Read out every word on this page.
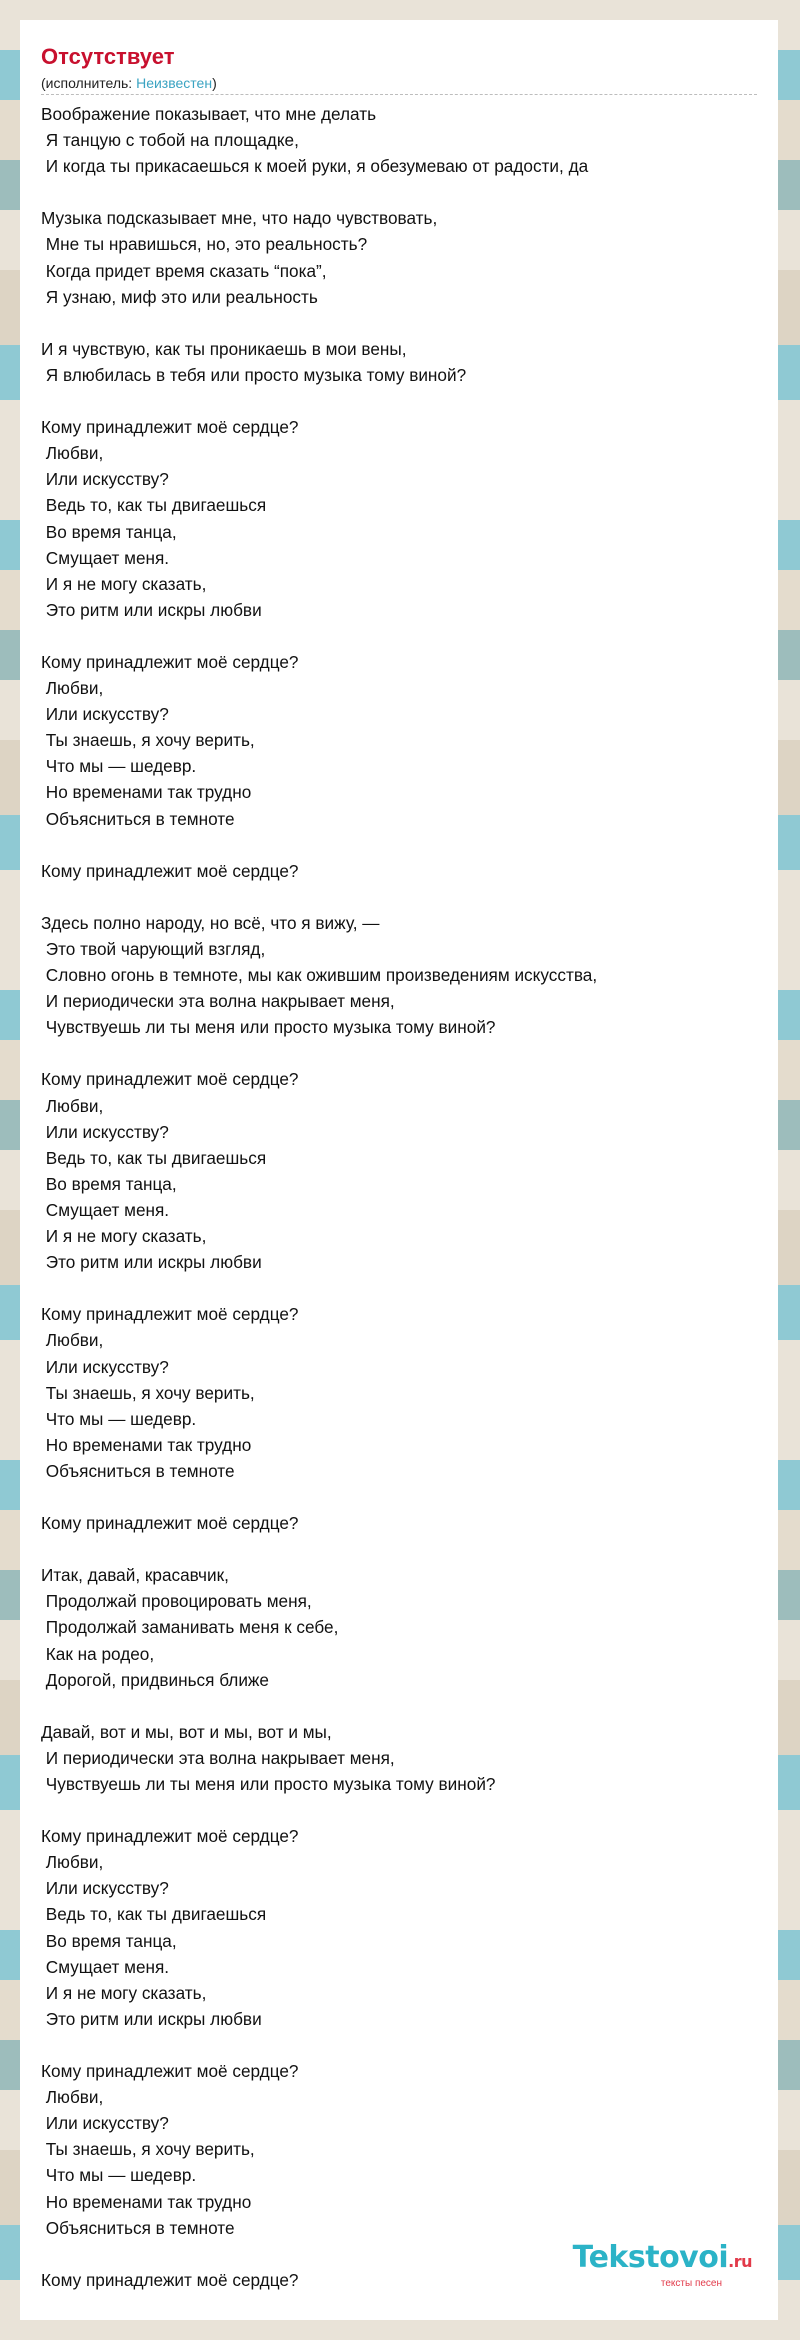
Отсутствует
(исполнитель: Неизвестен)
Воображение показывает, что мне делать
Я танцую с тобой на площадке,
И когда ты прикасаешься к моей руки, я обезумеваю от радости, да
Музыка подсказывает мне, что надо чувствовать,
Мне ты нравишься, но, это реальность?
Когда придет время сказать “пока”,
Я узнаю, миф это или реальность
И я чувствую, как ты проникаешь в мои вены,
Я влюбилась в тебя или просто музыка тому виной?
Кому принадлежит моё сердце?
Любви,
Или искусству?
Ведь то, как ты двигаешься
Во время танца,
Смущает меня.
И я не могу сказать,
Это ритм или искры любви
Кому принадлежит моё сердце?
Любви,
Или искусству?
Ты знаешь, я хочу верить,
Что мы — шедевр.
Но временами так трудно
Объясниться в темноте
Кому принадлежит моё сердце?
Здесь полно народу, но всё, что я вижу, —
Это твой чарующий взгляд,
Словно огонь в темноте, мы как ожившим произведениям искусства,
И периодически эта волна накрывает меня,
Чувствуешь ли ты меня или просто музыка тому виной?
Кому принадлежит моё сердце?
Любви,
Или искусству?
Ведь то, как ты двигаешься
Во время танца,
Смущает меня.
И я не могу сказать,
Это ритм или искры любви
Кому принадлежит моё сердце?
Любви,
Или искусству?
Ты знаешь, я хочу верить,
Что мы — шедевр.
Но временами так трудно
Объясниться в темноте
Кому принадлежит моё сердце?
Итак, давай, красавчик,
Продолжай провоцировать меня,
Продолжай заманивать меня к себе,
Как на родео,
Дорогой, придвинься ближе
Давай, вот и мы, вот и мы, вот и мы,
И периодически эта волна накрывает меня,
Чувствуешь ли ты меня или просто музыка тому виной?
Кому принадлежит моё сердце?
Любви,
Или искусству?
Ведь то, как ты двигаешься
Во время танца,
Смущает меня.
И я не могу сказать,
Это ритм или искры любви
Кому принадлежит моё сердце?
Любви,
Или искусству?
Ты знаешь, я хочу верить,
Что мы — шедевр.
Но временами так трудно
Объясниться в темноте
Кому принадлежит моё сердце?
Tekstovoi.ru
тексты песен
